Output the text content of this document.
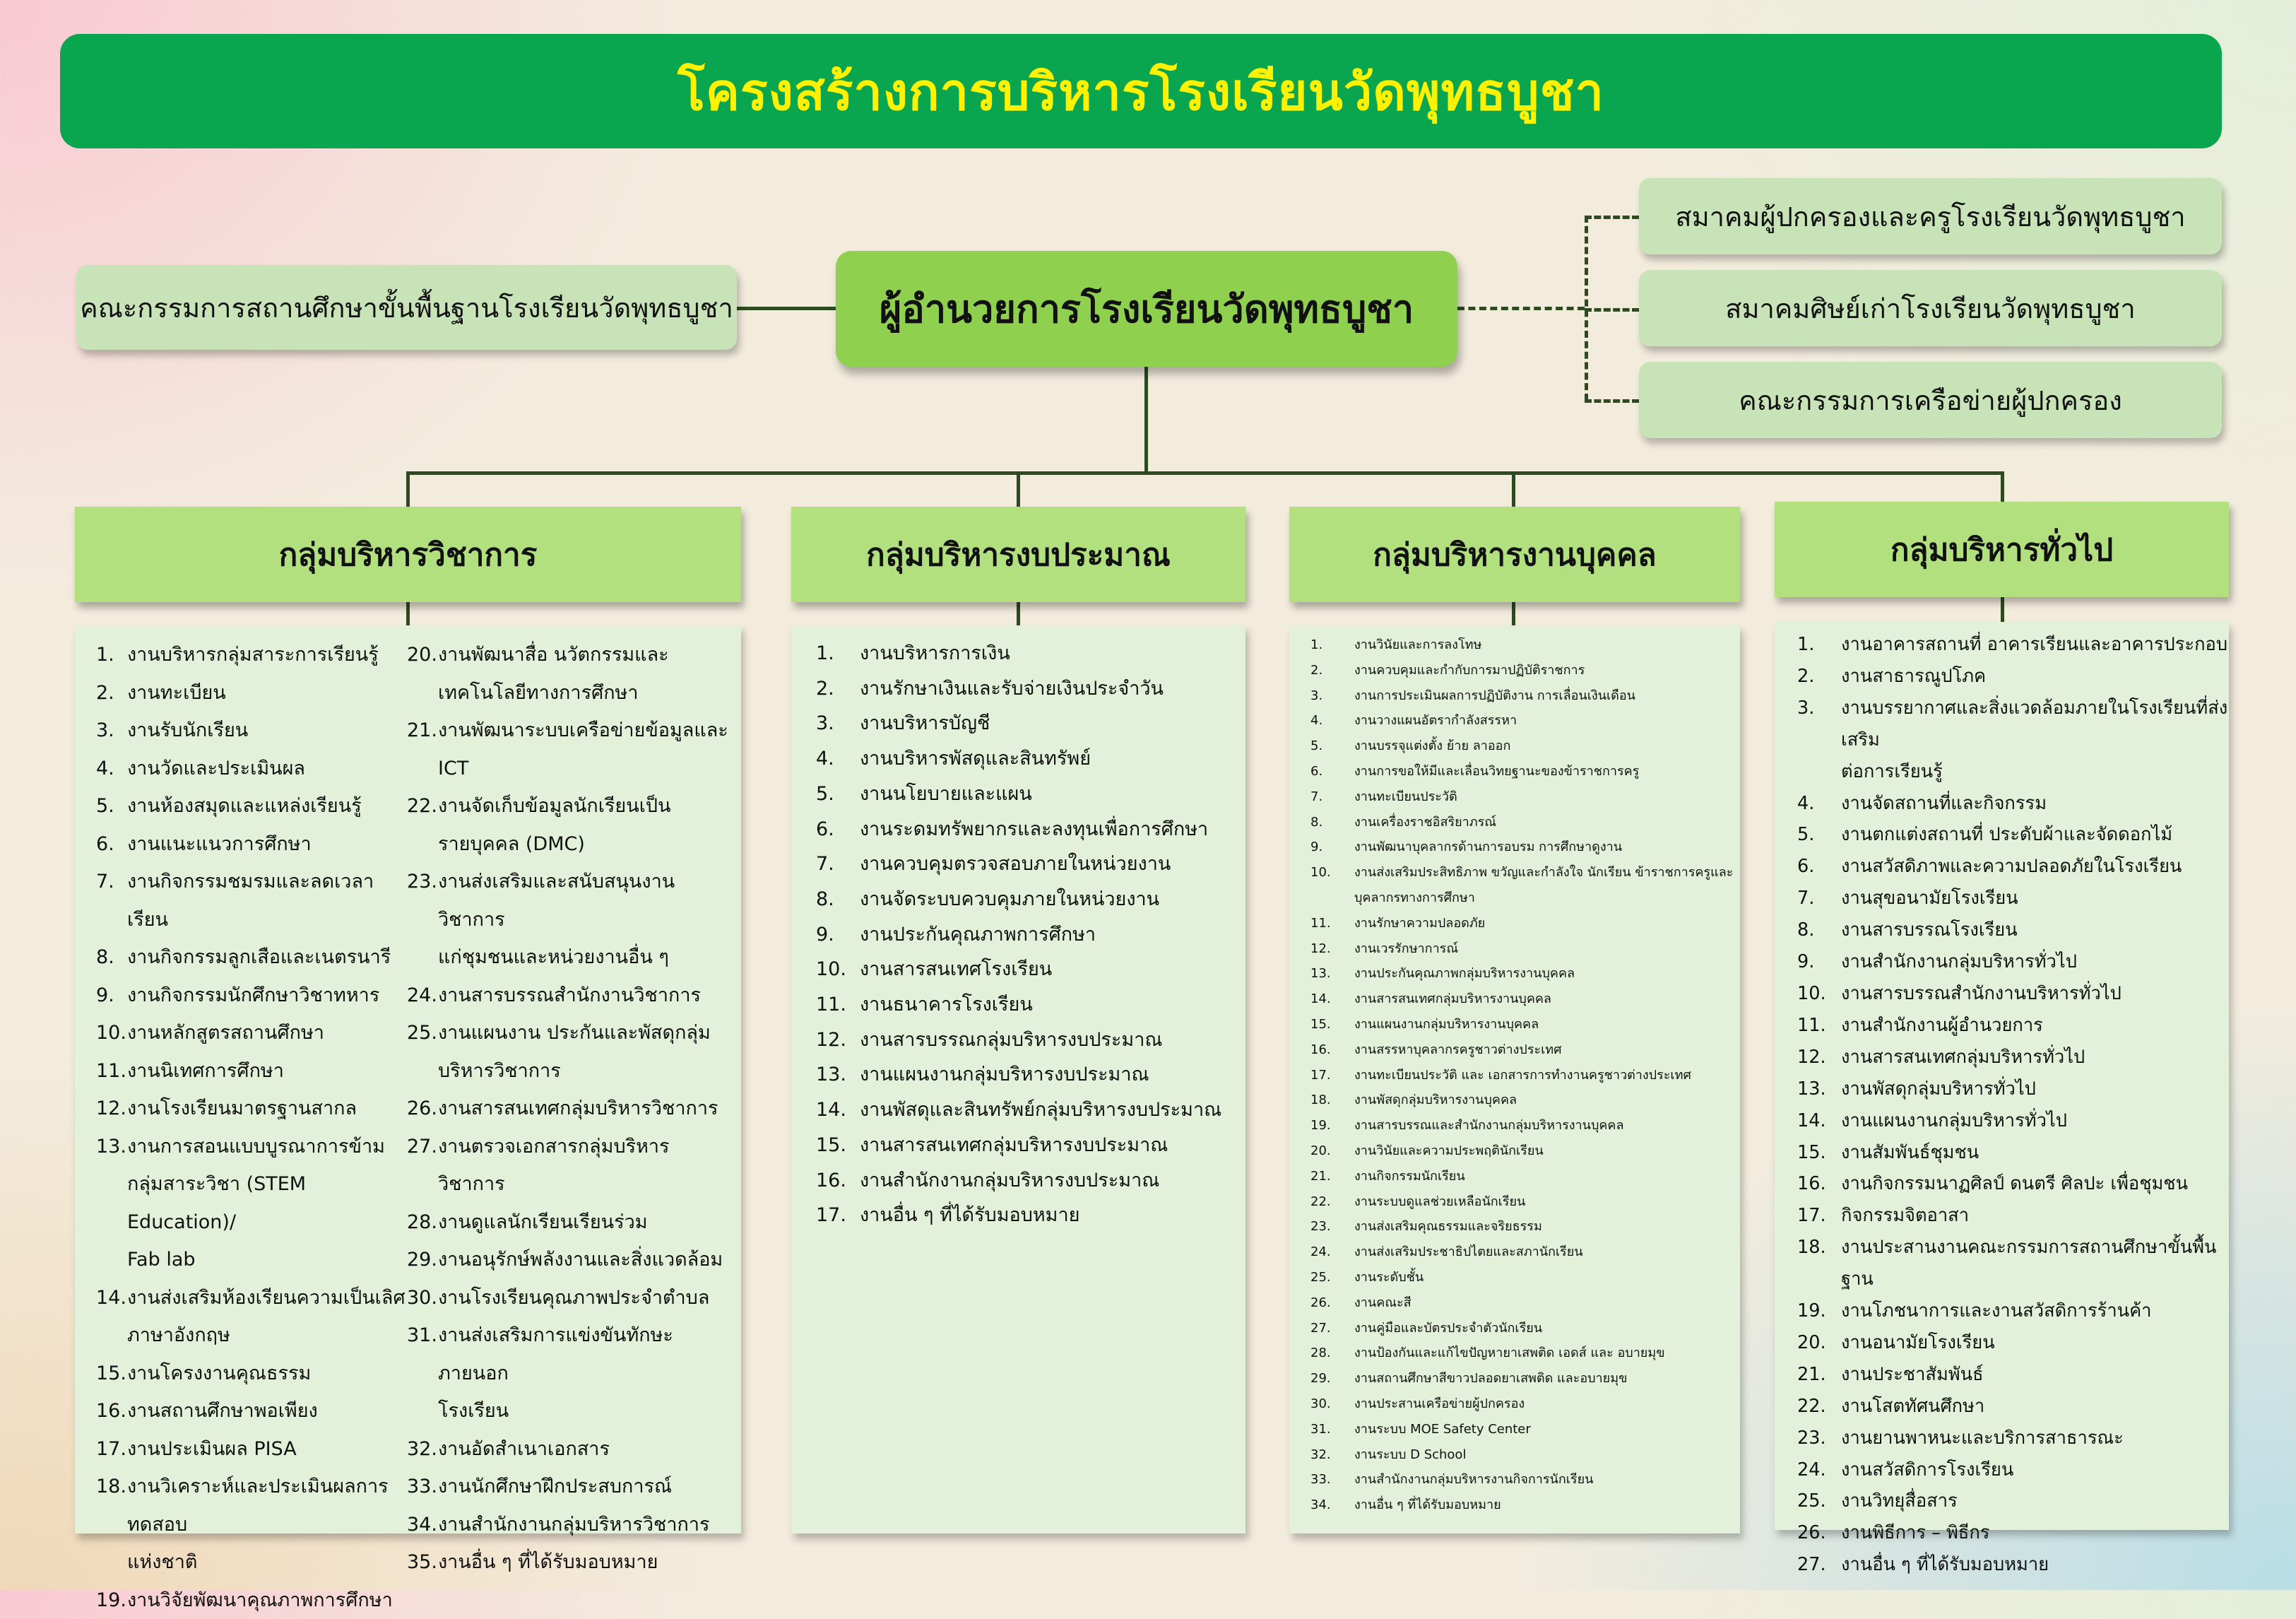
โครงสร้างการบริหารโรงเรียนวัดพุทธบูชา
คณะกรรมการสถานศึกษาขั้นพื้นฐานโรงเรียนวัดพุทธบูชา	ผู้อำนวยการโรงเรียนวัดพุทธบูชา
สมาคมผู้ปกครองและครูโรงเรียนวัดพุทธบูชา
สมาคมศิษย์เก่าโรงเรียนวัดพุทธบูชา
คณะกรรมการเครือข่ายผู้ปกครอง
กลุ่มบริหารวิชาการ	กลุ่มบริหารงบประมาณ	กลุ่มบริหารงานบุคคล	กลุ่มบริหารทั่วไป
1. งานบริหารกลุ่มสาระการเรียนรู้
2. งานทะเบียน
3. งานรับนักเรียน
4. งานวัดและประเมินผล
5. งานห้องสมุดและแหล่งเรียนรู้
6. งานแนะแนวการศึกษา
7. งานกิจกรรมชมรมและลดเวลาเรียน
8. งานกิจกรรมลูกเสือและเนตรนารี
9. งานกิจกรรมนักศึกษาวิชาทหาร
10. งานหลักสูตรสถานศึกษา
11. งานนิเทศการศึกษา
12. งานโรงเรียนมาตรฐานสากล
13. งานการสอนแบบบูรณาการข้าม
กลุ่มสาระวิชา (STEM Education)/
Fab lab
14. งานส่งเสริมห้องเรียนความเป็นเลิศ
ภาษาอังกฤษ
15. งานโครงงานคุณธรรม
16. งานสถานศึกษาพอเพียง
17. งานประเมินผล PISA
18. งานวิเคราะห์และประเมินผลการทดสอบ
แห่งชาติ
19. งานวิจัยพัฒนาคุณภาพการศึกษา
20. งานพัฒนาสื่อ นวัตกรรมและ
เทคโนโลยีทางการศึกษา
21. งานพัฒนาระบบเครือข่ายข้อมูลและ
ICT
22. งานจัดเก็บข้อมูลนักเรียนเป็น
รายบุคคล (DMC)
23. งานส่งเสริมและสนับสนุนงานวิชาการ
แก่ชุมชนและหน่วยงานอื่น ๆ
24. งานสารบรรณสำนักงานวิชาการ
25. งานแผนงาน ประกันและพัสดุกลุ่ม
บริหารวิชาการ
26. งานสารสนเทศกลุ่มบริหารวิชาการ
27. งานตรวจเอกสารกลุ่มบริหารวิชาการ
28. งานดูแลนักเรียนเรียนร่วม
29. งานอนุรักษ์พลังงานและสิ่งแวดล้อม
30. งานโรงเรียนคุณภาพประจำตำบล
31. งานส่งเสริมการแข่งขันทักษะภายนอก
โรงเรียน
32. งานอัดสำเนาเอกสาร
33. งานนักศึกษาฝึกประสบการณ์
34. งานสำนักงานกลุ่มบริหารวิชาการ
35. งานอื่น ๆ ที่ได้รับมอบหมาย
1.	งานบริหารการเงิน
2.	งานรักษาเงินและรับจ่ายเงินประจำวัน
3.	งานบริหารบัญชี
4.	งานบริหารพัสดุและสินทรัพย์
5.	งานนโยบายและแผน
6.	งานระดมทรัพยากรและลงทุนเพื่อการศึกษา
7.	งานควบคุมตรวจสอบภายในหน่วยงาน
8.	งานจัดระบบควบคุมภายในหน่วยงาน
9.	งานประกันคุณภาพการศึกษา
10. งานสารสนเทศโรงเรียน
11. งานธนาคารโรงเรียน
12. งานสารบรรณกลุ่มบริหารงบประมาณ
13. งานแผนงานกลุ่มบริหารงบประมาณ
14. งานพัสดุและสินทรัพย์กลุ่มบริหารงบประมาณ
15. งานสารสนเทศกลุ่มบริหารงบประมาณ
16. งานสำนักงานกลุ่มบริหารงบประมาณ
17. งานอื่น ๆ ที่ได้รับมอบหมาย
1.	งานวินัยและการลงโทษ
2.	งานควบคุมและกำกับการมาปฏิบัติราชการ
3.	งานการประเมินผลการปฏิบัติงาน การเลื่อนเงินเดือน
4.	งานวางแผนอัตรากำลังสรรหา
5.	งานบรรจุแต่งตั้ง ย้าย ลาออก
6.	งานการขอให้มีและเลื่อนวิทยฐานะของข้าราชการครู
7.	งานทะเบียนประวัติ
8.	งานเครื่องราชอิสริยาภรณ์
9.	งานพัฒนาบุคลากรด้านการอบรม การศึกษาดูงาน
10.	งานส่งเสริมประสิทธิภาพ ขวัญและกำลังใจ นักเรียน ข้าราชการครูและ
บุคลากรทางการศึกษา
11.	งานรักษาความปลอดภัย
12.	งานเวรรักษาการณ์
13.	งานประกันคุณภาพกลุ่มบริหารงานบุคคล
14.	งานสารสนเทศกลุ่มบริหารงานบุคคล
15.	งานแผนงานกลุ่มบริหารงานบุคคล
16.	งานสรรหาบุคลากรครูชาวต่างประเทศ
17.	งานทะเบียนประวัติ และ เอกสารการทำงานครูชาวต่างประเทศ
18.	งานพัสดุกลุ่มบริหารงานบุคคล
19.	งานสารบรรณและสำนักงานกลุ่มบริหารงานบุคคล
20.	งานวินัยและความประพฤตินักเรียน
21.	งานกิจกรรมนักเรียน
22.	งานระบบดูแลช่วยเหลือนักเรียน
23.	งานส่งเสริมคุณธรรมและจริยธรรม
24.	งานส่งเสริมประชาธิปไตยและสภานักเรียน
25.	งานระดับชั้น
26.	งานคณะสี
27.	งานคู่มือและบัตรประจำตัวนักเรียน
28.	งานป้องกันและแก้ไขปัญหายาเสพติด เอดส์ และ อบายมุข
29.	งานสถานศึกษาสีขาวปลอดยาเสพติด และอบายมุข
30.	งานประสานเครือข่ายผู้ปกครอง
31.	งานระบบ MOE Safety Center
32.	งานระบบ D School
33.	งานสำนักงานกลุ่มบริหารงานกิจการนักเรียน
34.	งานอื่น ๆ ที่ได้รับมอบหมาย
1.	งานอาคารสถานที่ อาคารเรียนและอาคารประกอบ
2.	งานสาธารณูปโภค
3.	งานบรรยากาศและสิ่งแวดล้อมภายในโรงเรียนที่ส่งเสริม
ต่อการเรียนรู้
4.	งานจัดสถานที่และกิจกรรม
5.	งานตกแต่งสถานที่ ประดับผ้าและจัดดอกไม้
6.	งานสวัสดิภาพและความปลอดภัยในโรงเรียน
7.	งานสุขอนามัยโรงเรียน
8.	งานสารบรรณโรงเรียน
9.	งานสำนักงานกลุ่มบริหารทั่วไป
10. งานสารบรรณสำนักงานบริหารทั่วไป
11. งานสำนักงานผู้อำนวยการ
12. งานสารสนเทศกลุ่มบริหารทั่วไป
13. งานพัสดุกลุ่มบริหารทั่วไป
14. งานแผนงานกลุ่มบริหารทั่วไป
15. งานสัมพันธ์ชุมชน
16. งานกิจกรรมนาฏศิลป์ ดนตรี ศิลปะ เพื่อชุมชน
17. กิจกรรมจิตอาสา
18. งานประสานงานคณะกรรมการสถานศึกษาขั้นพื้นฐาน
19. งานโภชนาการและงานสวัสดิการร้านค้า
20. งานอนามัยโรงเรียน
21. งานประชาสัมพันธ์
22. งานโสตทัศนศึกษา
23. งานยานพาหนะและบริการสาธารณะ
24. งานสวัสดิการโรงเรียน
25. งานวิทยุสื่อสาร
26. งานพิธีการ – พิธีกร
27. งานอื่น ๆ ที่ได้รับมอบหมาย
